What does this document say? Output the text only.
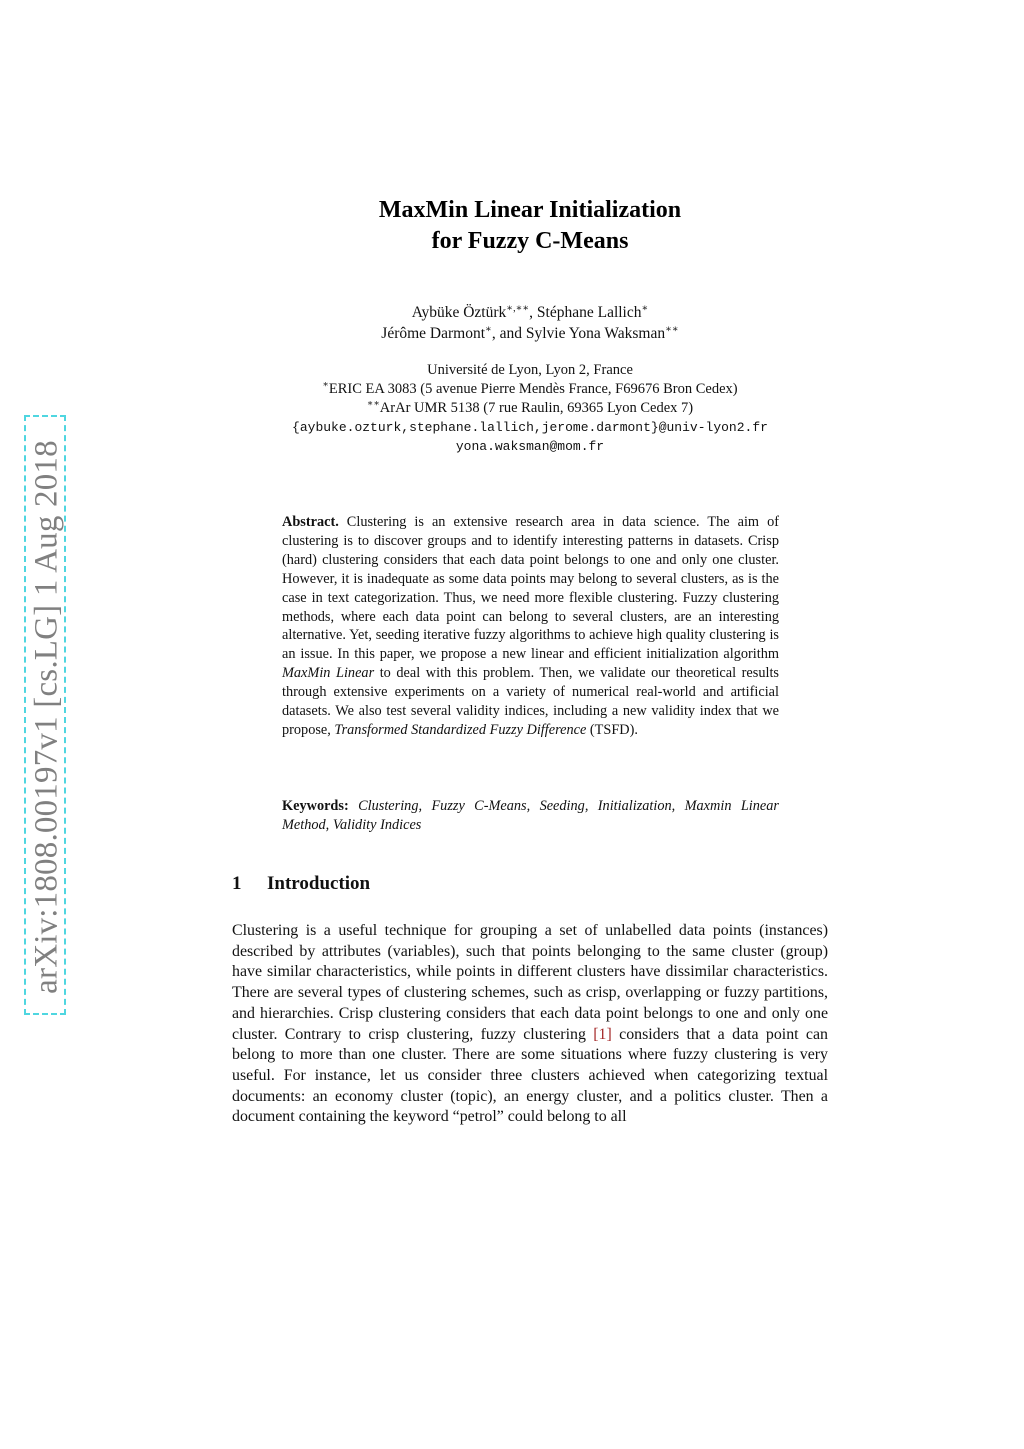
arXiv:1808.00197v1 [cs.LG] 1 Aug 2018
MaxMin Linear Initialization
for Fuzzy C-Means
Aybüke Öztürk∗,∗∗, Stéphane Lallich∗
Jérôme Darmont∗, and Sylvie Yona Waksman∗∗
Université de Lyon, Lyon 2, France
∗ERIC EA 3083 (5 avenue Pierre Mendès France, F69676 Bron Cedex)
∗∗ArAr UMR 5138 (7 rue Raulin, 69365 Lyon Cedex 7)
{aybuke.ozturk,stephane.lallich,jerome.darmont}@univ-lyon2.fr
yona.waksman@mom.fr
Abstract. Clustering is an extensive research area in data science. The aim of clustering is to discover groups and to identify interesting patterns in datasets. Crisp (hard) clustering considers that each data point belongs to one and only one cluster. However, it is inadequate as some data points may belong to several clusters, as is the case in text categorization. Thus, we need more flexible clustering. Fuzzy clustering methods, where each data point can belong to several clusters, are an interesting alternative. Yet, seeding iterative fuzzy algorithms to achieve high quality clustering is an issue. In this paper, we propose a new linear and efficient initialization algorithm MaxMin Linear to deal with this problem. Then, we validate our theoretical results through extensive experiments on a variety of numerical real-world and artificial datasets. We also test several validity indices, including a new validity index that we propose, Transformed Standardized Fuzzy Difference (TSFD).
Keywords: Clustering, Fuzzy C-Means, Seeding, Initialization, Maxmin Linear Method, Validity Indices
1 Introduction
Clustering is a useful technique for grouping a set of unlabelled data points (instances) described by attributes (variables), such that points belonging to the same cluster (group) have similar characteristics, while points in different clusters have dissimilar characteristics. There are several types of clustering schemes, such as crisp, overlapping or fuzzy partitions, and hierarchies. Crisp clustering considers that each data point belongs to one and only one cluster. Contrary to crisp clustering, fuzzy clustering [1] considers that a data point can belong to more than one cluster. There are some situations where fuzzy clustering is very useful. For instance, let us consider three clusters achieved when categorizing textual documents: an economy cluster (topic), an energy cluster, and a politics cluster. Then a document containing the keyword “petrol” could belong to all
